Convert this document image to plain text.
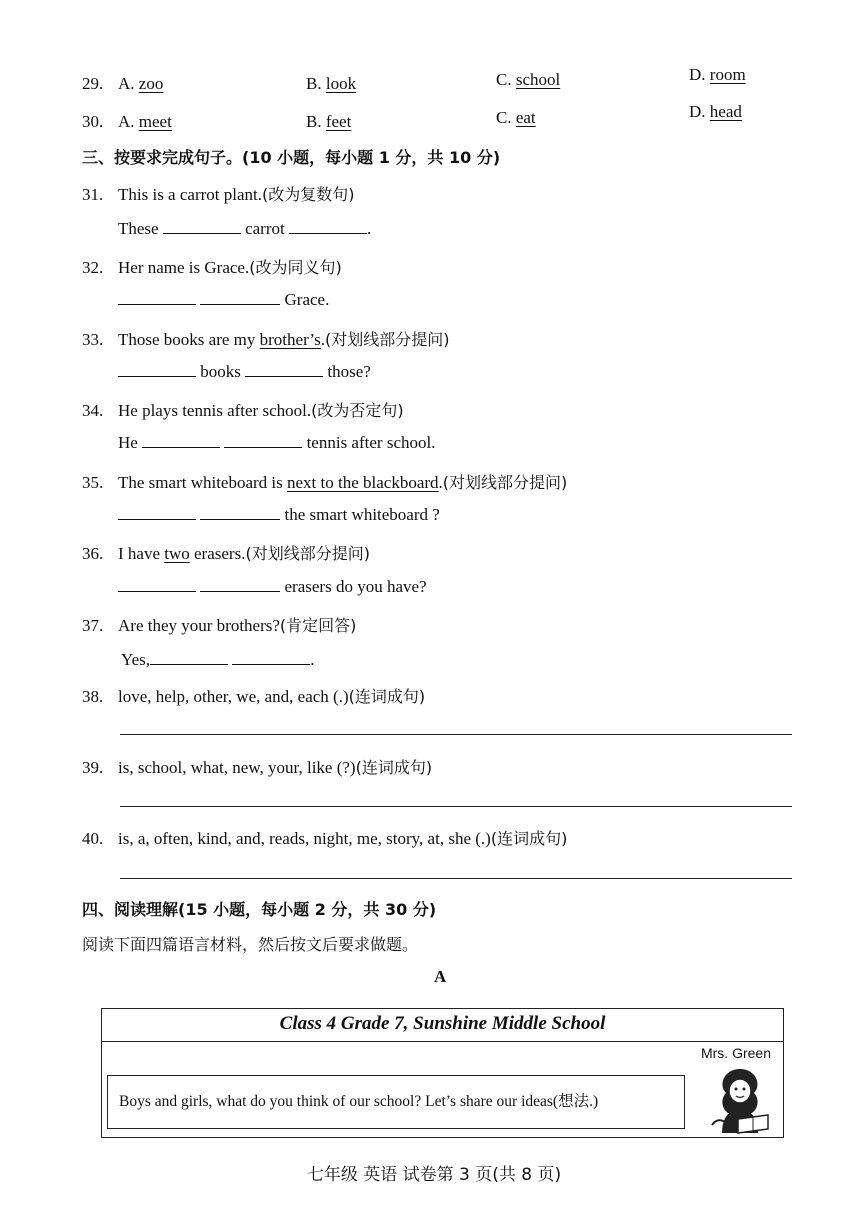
29. A. zoo	B. look	C. school	D. room
30. A. meet	B. feet	C. eat	D. head
三、按要求完成句子。(10 小题，每小题 1 分，共 10 分)
31. This is a carrot plant.(改为复数句)
These	carrot	.
32. Her name is Grace.(改为同义句)
Grace.
33. Those books are my brother’s.(对划线部分提问)
books	those?
34. He plays tennis after school.(改为否定句)
He	tennis after school.
35. The smart whiteboard is next to the blackboard.(对划线部分提问)
the smart whiteboard ?
36. I have two erasers.(对划线部分提问)
erasers do you have?
37. Are they your brothers?(肯定回答)
Yes,	.
38. love, help, other, we, and, each (.)(连词成句)
39. is, school, what, new, your, like (?)(连词成句)
40. is, a, often, kind, and, reads, night, me, story, at, she (.)(连词成句)
四、阅读理解(15 小题，每小题 2 分，共 30 分)
阅读下面四篇语言材料，然后按文后要求做题。
A
Class 4 Grade 7, Sunshine Middle School
Mrs. Green
Boys and girls, what do you think of our school? Let’s share our ideas(想法.)
七年级 英语 试卷第 3 页(共 8 页)
